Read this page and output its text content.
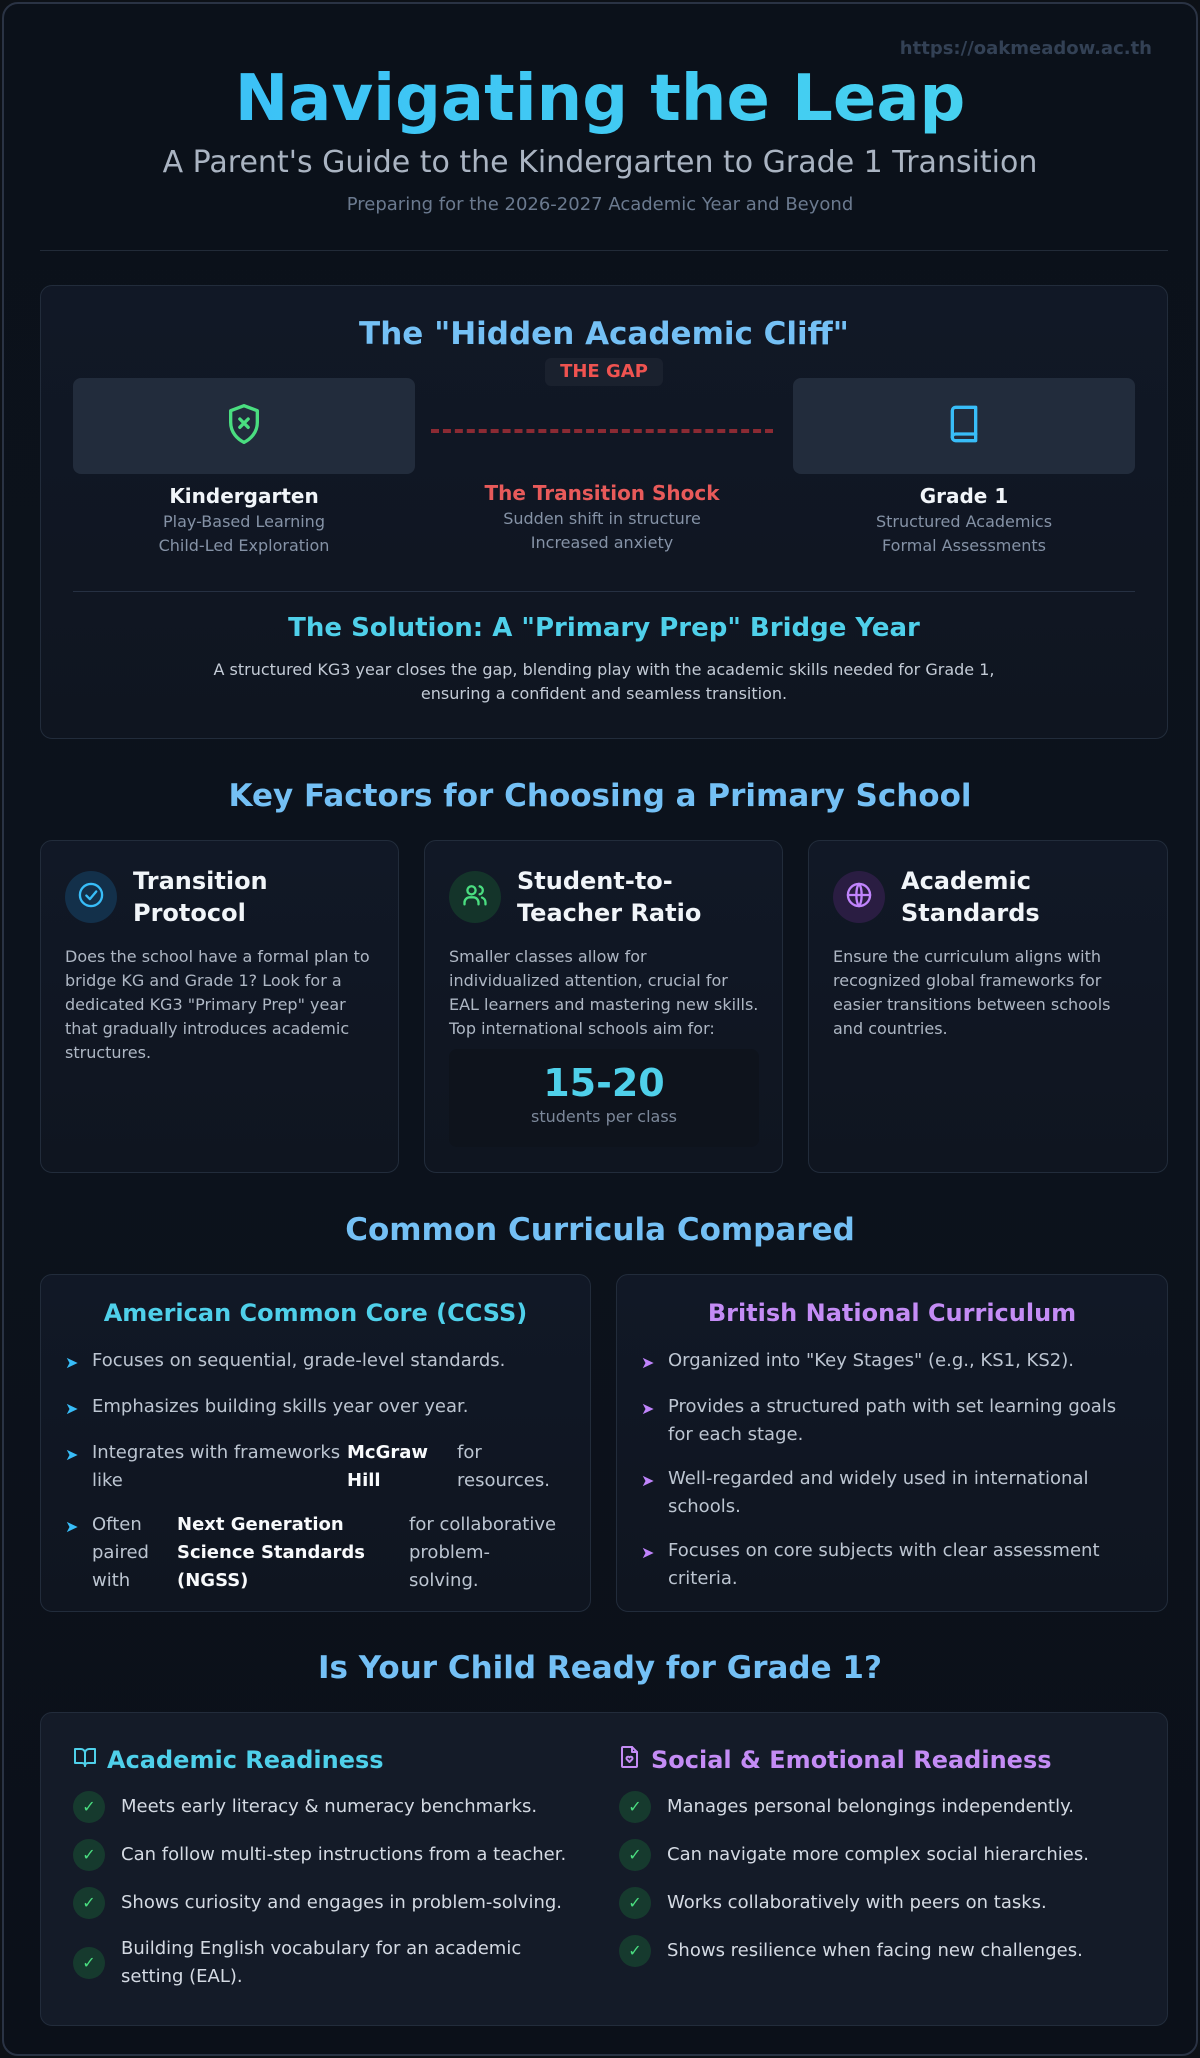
https://oakmeadow.ac.th
Navigating the Leap
A Parent's Guide to the Kindergarten to Grade 1 Transition
Preparing for the 2026-2027 Academic Year and Beyond
The "Hidden Academic Cliff"
THE GAP
Kindergarten
Play-Based Learning
Child-Led Exploration
The Transition Shock
Sudden shift in structure
Increased anxiety
Grade 1
Structured Academics
Formal Assessments
The Solution: A "Primary Prep" Bridge Year
A structured KG3 year closes the gap, blending play with the academic skills needed for Grade 1, ensuring a confident and seamless transition.
Key Factors for Choosing a Primary School
Transition Protocol
Does the school have a formal plan to bridge KG and Grade 1? Look for a dedicated KG3 "Primary Prep" year that gradually introduces academic structures.
Student-to-Teacher Ratio
Smaller classes allow for individualized attention, crucial for EAL learners and mastering new skills. Top international schools aim for:
15-20
students per class
Academic Standards
Ensure the curriculum aligns with recognized global frameworks for easier transitions between schools and countries.
Common Curricula Compared
American Common Core (CCSS)
➤ Focuses on sequential, grade-level standards.
➤ Emphasizes building skills year over year.
➤ Integrates with frameworks like
McGraw Hill
for resources.
➤ Often paired with
Next Generation Science Standards (NGSS)
for collaborative problem-solving.
British National Curriculum
➤ Organized into "Key Stages" (e.g., KS1, KS2).
➤ Provides a structured path with set learning goals for each stage.
➤ Well-regarded and widely used in international schools.
➤ Focuses on core subjects with clear assessment criteria.
Is Your Child Ready for Grade 1?
Academic Readiness
✓	Meets early literacy & numeracy benchmarks.
✓	Can follow multi-step instructions from a teacher.
✓	Shows curiosity and engages in problem-solving.
✓
Building English vocabulary for an academic setting (EAL).
Social & Emotional Readiness
✓	Manages personal belongings independently.
✓	Can navigate more complex social hierarchies.
✓	Works collaboratively with peers on tasks.
✓	Shows resilience when facing new challenges.
